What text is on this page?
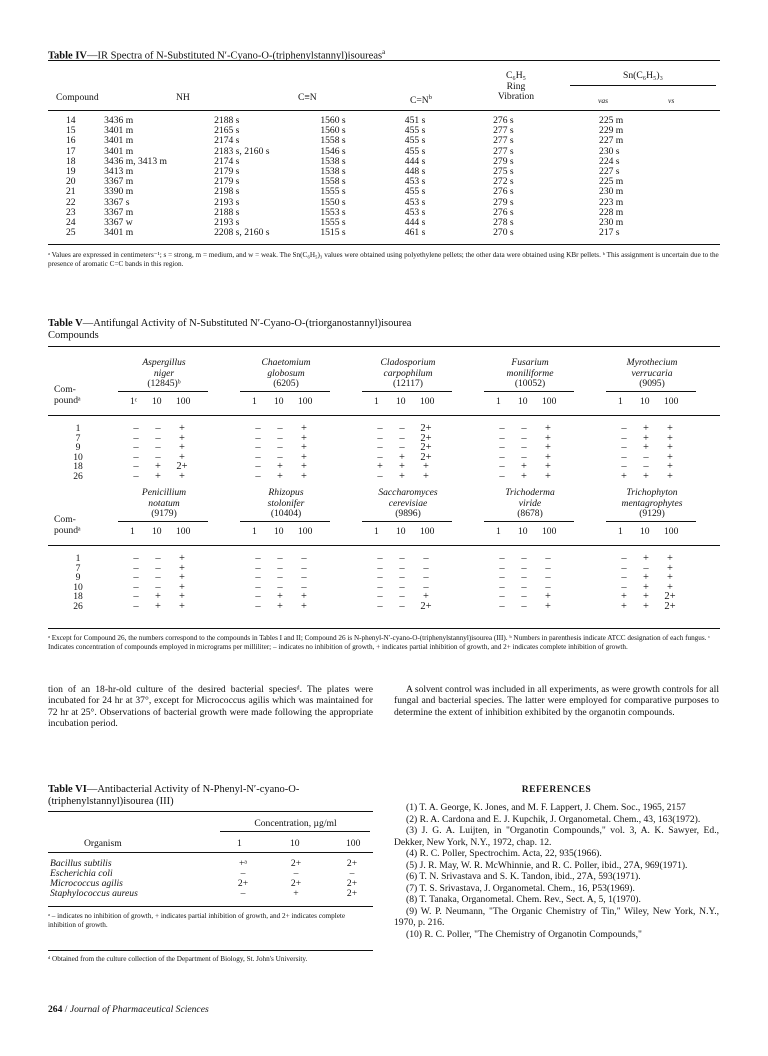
Table IV—IR Spectra of N-Substituted N′-Cyano-O-(triphenylstannyl)isoureas$^a$
Compound	NH	C≡N	$C=N^b$
C₆H₅
Ring
Vibration
Sn(C₆H₅)₃
νas	νs
14	3436 m	2188 s	1560 s	451 s	276 s	225 m
15	3401 m	2165 s	1560 s	455 s	277 s	229 m
16	3401 m	2174 s	1558 s	455 s	277 s	227 m
17	3401 m	2183 s, 2160 s	1546 s	455 s	277 s	230 s
18	3436 m, 3413 m	2174 s	1538 s	444 s	279 s	224 s
19	3413 m	2179 s	1538 s	448 s	275 s	227 s
20	3367 m	2179 s	1558 s	453 s	272 s	225 m
21	3390 m	2198 s	1555 s	455 s	276 s	230 m
22	3367 s	2193 s	1550 s	453 s	279 s	223 m
23	3367 m	2188 s	1553 s	453 s	276 s	228 m
24	3367 w	2193 s	1555 s	444 s	278 s	230 m
25	3401 m	2208 s, 2160 s	1515 s	461 s	270 s	217 s
ᵃ Values are expressed in centimeters⁻¹; s = strong, m = medium, and w = weak. The Sn(C₆H₅)₃ values were obtained using polyethylene pellets; the other data were obtained using KBr pellets. ᵇ This assignment is uncertain due to the presence of aromatic C=C bands in this region.
Table V—Antifungal Activity of N-Substituted N′-Cyano-O-(triorganostannyl)isourea
Compounds
Aspergillus
niger
(12845)ᵇ
1ᶜ 10 100
Chaetomium
globosum
(6205)
1 10 100
Cladosporium
carpophilum
(12117)
1 10 100
Fusarium
moniliforme
(10052)
1 10 100
Myrothecium
verrucaria
(9095)
1 10 100
Com-
poundᵃ
1	–	–	+	–	–	+	–	–	2+	–	–	+	–	+	+
7	–	–	+	–	–	+	–	–	2+	–	–	+	–	+	+
9	–	–	+	–	–	+	–	–	2+	–	–	+	–	+	+
10	–	–	+	–	–	+	–	+	2+	–	–	+	–	–	+
18	–	+	2+	–	+	+	+	+	+	–	+	+	–	–	+
26	–	+	+	–	+	+	–	+	+	–	+	+	+	+	+
Penicillium
notatum
(9179)
1 10 100
Rhizopus
stolonifer
(10404)
1 10 100
Saccharomyces
cerevisiae
(9896)
1 10 100
Trichoderma
viride
(8678)
1 10 100
Trichophyton
mentagrophytes
(9129)
1 10 100
Com-
poundᵃ
1	–	–	+	–	–	–	–	–	–	–	–	–	–	+	+
7	–	–	+	–	–	–	–	–	–	–	–	–	–	–	+
9	–	–	+	–	–	–	–	–	–	–	–	–	–	+	+
10	–	–	+	–	–	–	–	–	–	–	–	–	–	+	+
18	–	+	+	–	+	+	–	–	+	–	–	+	+	+	2+
26	–	+	+	–	+	+	–	–	2+	–	–	+	+	+	2+
ᵃ Except for Compound 26, the numbers correspond to the compounds in Tables I and II; Compound 26 is N-phenyl-N′-cyano-O-(triphenylstannyl)isourea (III). ᵇ Numbers in parenthesis indicate ATCC designation of each fungus. ᶜ Indicates concentration of compounds employed in micrograms per milliliter; – indicates no inhibition of growth, + indicates partial inhibition of growth, and 2+ indicates complete inhibition of growth.
tion of an 18-hr-old culture of the desired bacterial speciesᵈ. The plates were incubated for 24 hr at 37°, except for Micrococcus agilis which was maintained for 72 hr at 25°. Observations of bacterial growth were made following the appropriate incubation period.
A solvent control was included in all experiments, as were growth controls for all fungal and bacterial species. The latter were employed for comparative purposes to determine the extent of inhibition exhibited by the organotin compounds.
Table VI—Antibacterial Activity of N-Phenyl-N′-cyano-O-
(triphenylstannyl)isourea (III)
Concentration, µg/ml
Organism	1	10	100
Bacillus subtilis	+ᵃ	2+	2+
Escherichia coli	–	–	–
Micrococcus agilis	2+	2+	2+
Staphylococcus aureus	–	+	2+
ᵃ – indicates no inhibition of growth, + indicates partial inhibition of growth, and 2+ indicates complete inhibition of growth.
ᵈ Obtained from the culture collection of the Department of Biology, St. John's University.
REFERENCES

(1) T. A. George, K. Jones, and M. F. Lappert, J. Chem. Soc., 1965, 2157

(2) R. A. Cardona and E. J. Kupchik, J. Organometal. Chem., 43, 163(1972).

(3) J. G. A. Luijten, in "Organotin Compounds," vol. 3, A. K. Sawyer, Ed., Dekker, New York, N.Y., 1972, chap. 12.

(4) R. C. Poller, Spectrochim. Acta, 22, 935(1966).

(5) J. R. May, W. R. McWhinnie, and R. C. Poller, ibid., 27A, 969(1971).

(6) T. N. Srivastava and S. K. Tandon, ibid., 27A, 593(1971).

(7) T. S. Srivastava, J. Organometal. Chem., 16, P53(1969).

(8) T. Tanaka, Organometal. Chem. Rev., Sect. A, 5, 1(1970).

(9) W. P. Neumann, "The Organic Chemistry of Tin," Wiley, New York, N.Y., 1970, p. 216.

(10) R. C. Poller, "The Chemistry of Organotin Compounds,"

264 / Journal of Pharmaceutical Sciences
